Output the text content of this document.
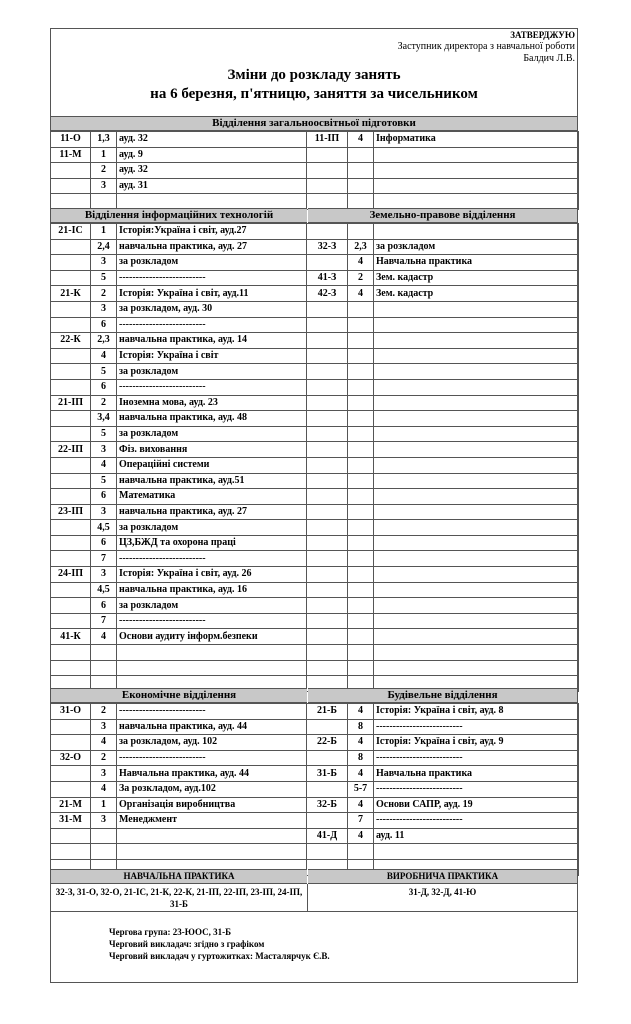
ЗАТВЕРДЖУЮ
Заступник директора з навчальної роботи
Балдич Л.В.
Зміни до розкладу занять
на 6 березня, п'ятницю, заняття за чисельником
Відділення загальноосвітньої підготовки
11-О	1,3	ауд. 32	11-ІП	4	Інформатика
11-М	1	ауд. 9			
	2	ауд. 32			
	3	ауд. 31			

Відділення інформаційних технологій	Земельно-правове відділення
21-ІС	1	Історія:Україна і світ, ауд.27			
	2,4	навчальна практика, ауд. 27	32-З	2,3	за розкладом
	3	за розкладом		4	Навчальна практика
	5	--------------------------	41-З	2	Зем. кадастр
21-К	2	Історія: Україна і світ, ауд.11	42-З	4	Зем. кадастр
	3	за розкладом, ауд. 30			
	6	--------------------------			
22-К	2,3	навчальна практика, ауд. 14			
	4	Історія: Україна і світ			
	5	за розкладом			
	6	--------------------------			
21-ІП	2	Іноземна мова, ауд. 23			
	3,4	навчальна практика, ауд. 48			
	5	за розкладом			
22-ІП	3	Фіз. виховання			
	4	Операційні системи			
	5	навчальна практика, ауд.51			
	6	Математика			
23-ІП	3	навчальна практика, ауд. 27			
	4,5	за розкладом			
	6	ЦЗ,БЖД та охорона праці			
	7	--------------------------			
24-ІП	3	Історія: Україна і світ, ауд. 26			
	4,5	навчальна практика, ауд. 16			
	6	за розкладом			
	7	--------------------------			
41-К	4	Основи аудиту інформ.безпеки			

Економічне відділення	Будівельне відділення
31-О	2	--------------------------	21-Б	4	Історія: Україна і світ, ауд. 8
	3	навчальна практика, ауд. 44		8	--------------------------
	4	за розкладом, ауд. 102	22-Б	4	Історія: Україна і світ, ауд. 9
32-О	2	--------------------------		8	--------------------------
	3	Навчальна практика, ауд. 44	31-Б	4	Навчальна практика
	4	За розкладом, ауд.102		5-7	--------------------------
21-М	1	Організація виробництва	32-Б	4	Основи САПР, ауд. 19
31-М	3	Менеджмент		7	--------------------------
			41-Д	4	ауд. 11

НАВЧАЛЬНА ПРАКТИКА	ВИРОБНИЧА ПРАКТИКА
32-З, 31-О, 32-О, 21-ІС, 21-К, 22-К, 21-ІП, 22-ІП, 23-ІП, 24-ІП, 31-Б
31-Д, 32-Д, 41-Ю
Чергова група: 23-ЮОС, 31-Б
Черговий викладач: згідно з графіком
Черговий викладач у гуртожитках: Масталярчук Є.В.
